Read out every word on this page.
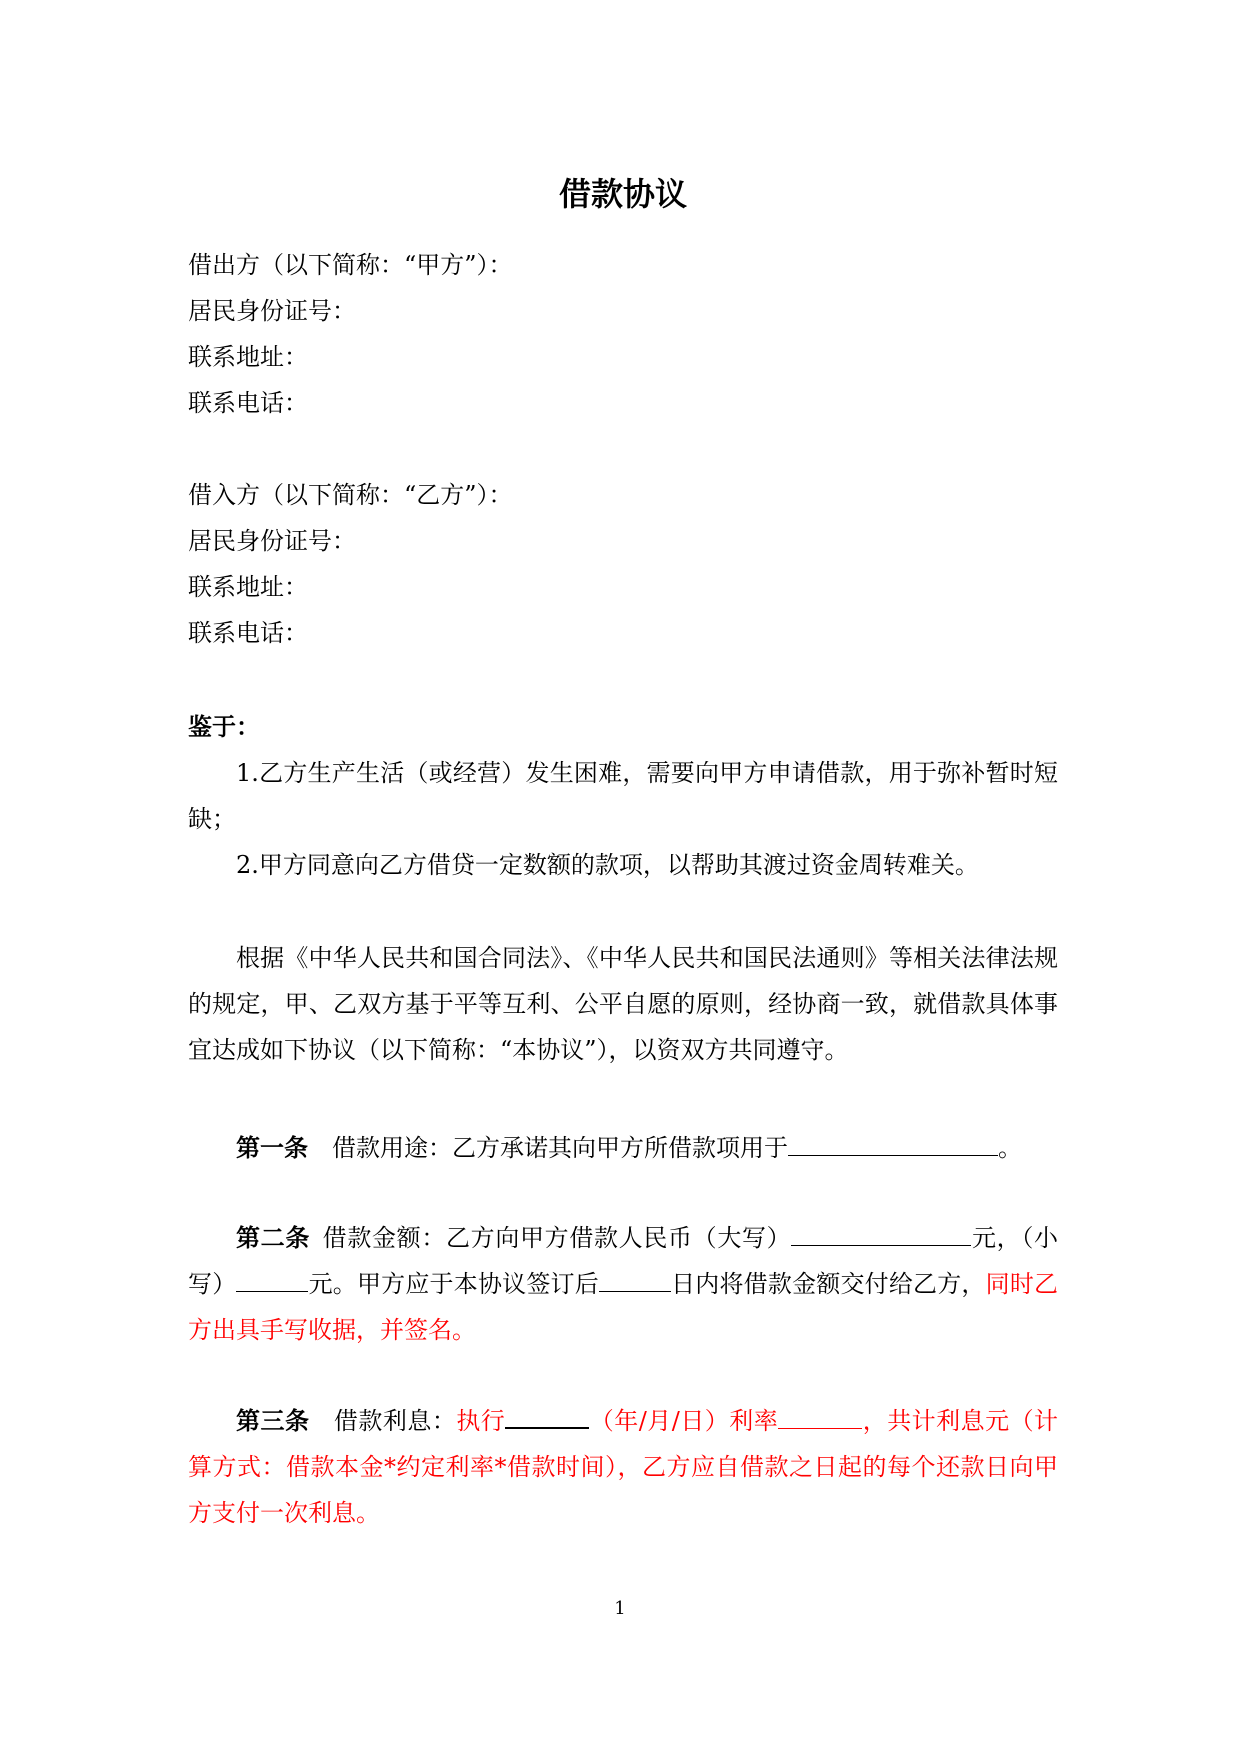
借款协议

借出方（以下简称：“甲方”）：

居民身份证号：

联系地址：

联系电话：

借入方（以下简称：“乙方”）：

居民身份证号：

联系地址：

联系电话：

鉴于：

1.乙方生产生活（或经营）发生困难，需要向甲方申请借款，用于弥补暂时短缺；

2.甲方同意向乙方借贷一定数额的款项，以帮助其渡过资金周转难关。

根据《中华人民共和国合同法》、《中华人民共和国民法通则》等相关法律法规的规定，甲、乙双方基于平等互利、公平自愿的原则，经协商一致，就借款具体事宜达成如下协议（以下简称：“本协议”），以资双方共同遵守。

第一条 借款用途：乙方承诺其向甲方所借款项用于	。

第二条 借款金额：乙方向甲方借款人民币（大写）	元，（小写）	元。甲方应于本协议签订后	日内将借款金额交付给乙方，同时乙方出具手写收据，并签名。

第三条 借款利息：执行	（年/月/日）利率	，共计利息元（计算方式：借款本金*约定利率*借款时间），乙方应自借款之日起的每个还款日向甲方支付一次利息。

1
